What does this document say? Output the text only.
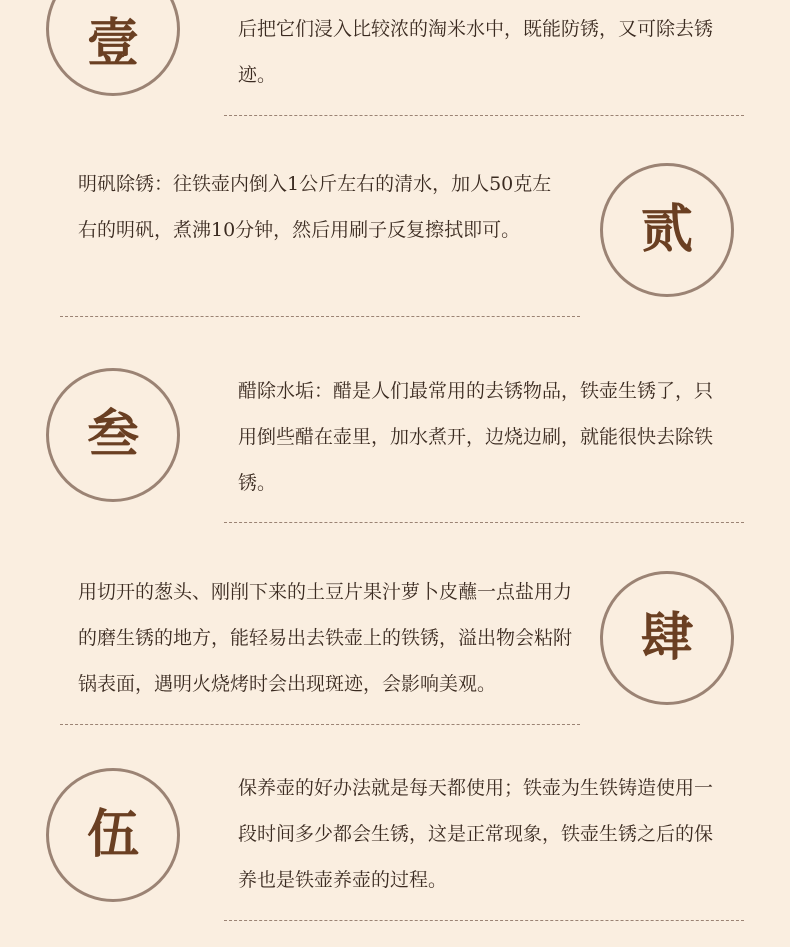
壹	后把它们浸入比较浓的淘米水中，既能防锈，又可除去锈迹。

明矾除锈：往铁壶内倒入1公斤左右的清水，加人50克左右的明矾，煮沸10分钟，然后用刷子反复擦拭即可。	贰
叁

醋除水垢：醋是人们最常用的去锈物品，铁壶生锈了，只用倒些醋在壶里，加水煮开，边烧边刷，就能很快去除铁锈。

用切开的葱头、刚削下来的土豆片果汁萝卜皮蘸一点盐用力的磨生锈的地方，能轻易出去铁壶上的铁锈，溢出物会粘附锅表面，遇明火烧烤时会出现斑迹，会影响美观。

肆
伍

保养壶的好办法就是每天都使用；铁壶为生铁铸造使用一段时间多少都会生锈，这是正常现象，铁壶生锈之后的保养也是铁壶养壶的过程。
